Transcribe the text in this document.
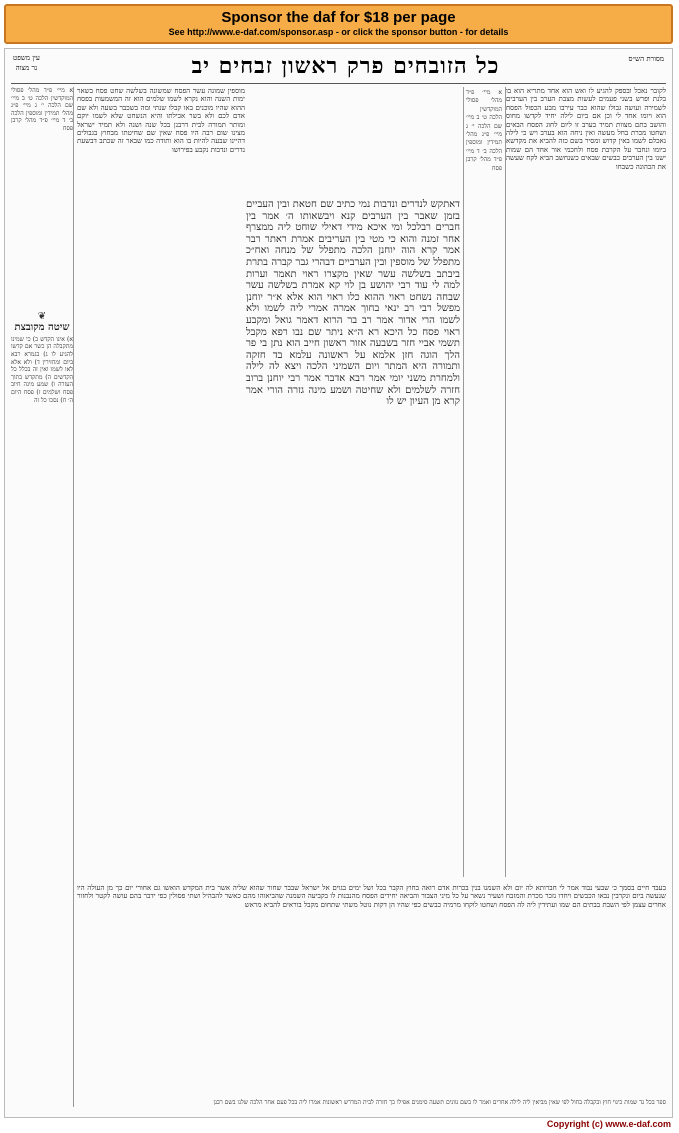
Sponsor the daf for $18 per page
See http://www.e-daf.com/sponsor.asp - or click the sponsor button - for details
מסורת הש״ס
עין משפט
נר מצוה	כל הזובחים פרק ראשון זבחים יב
לקובר נאכל ובספק להגיע לו ואש הוא אחד מתריא הוא בו בלנת ופרש בשני פעמים לעשות מצבת הערב בין הערבים לשמירה ועושה גבולו שהוא כבר עירבו מבע הכפול הפסח הוא ויומו אחד לי וכן אם ביום לילה יחיד לקדשו מחוס והושב בתם מצוות תמיד בערב זו ליום לחוג הפסח הבאים ושחטו מכרת בחל מעשה ואין ניחה הוא בערב ויש כי לילה נאכלם לשמו באין קדוש ומסיר בשם כזה להביא את מקדשא ביומו ונחבר על הקרבת פסח ולחכמי אור אחד הם שמות ישנו בין הערבים כבשים שבאים כשנחשב הביא לקח שעשה את הכהונה כשבחו
א מיי׳ פ״ד מהל׳ פסולי המוקדשין הלכה ט׳ ב מיי׳ שם הלכה י׳ ג מיי׳ פ״ג מהל׳ תמידין ומוספין הלכה ב׳ ד מיי׳ פ״ד מהל׳ קרבן פסח
דאתקש לנדרים ונדבות נמי כתיב שם חטאת ובין העביים בזמן שאבר בין הערבים קנא ויבשאותו ה׳ אמר בין חברים רבלכל ומי איכא מידי דאילי שוחט ליה ממצרף אחר זמנה והוא כי מטי בין העריבים אמרת ראתר רבר אמר קרא הוה יוחנן הלכה מתפלל של מנחה ואח״כ מתפלל של מוספין ובין הערביים דבהרי גבר קברה בתרת ביבתב בשלשה עשר שאין מקצרו ראוי תאמר וערות למה לי עוד רבי יהושע בן לוי קא אמרת בשלשה עשר שבחה נשחט ראוי ההוא כלו ראוי הוא אלא א״ר יוחנן מפשל רבי רב ינאי בחוך אמרה אמרי ליה לשמו ולא לשמו הרי אדור אמר רב בר הרוא דאמר גואל ומקבע ראוי פסח כל היכא רא ה״א ניתר שם נבו רפא מקבל תשמי אביי חזר בשבעה אזור ראשון חייב הוא נתן בי פר הלך הוגה חזן אלמא על ראשונה עלמא בד חזקה ותמורה היא המתר ויום השמיני הלכה ויצא לה לילה ולמחרת משני יומי אמר רבא אדבר אמר רבי יוחנן ברוב חזרה לשלמים ולא שחיטה ושמע מינה גזרה הורי אמר קרא מן העיון יש לו
מוספין שמונה עשר הפסח שמשונה בשלשה שחט פסח בשאר ימות השנה והוא נקרא לשמו שלמים הוא זה המשמעות בפסח ההוא שהיו מוכנים באו קבלו שנתי ומה בשכבר בשעה ולא שם אדם לכם ולא בשר אכילתו והיא הנשחט שלא לשמו יוקם ומותר תמורה לבית דרבנן בכל שנה ושנה ולא תמיד ישראל מצינו שום רבה היו פסח שאין שם שחיטתו מבחוץ בגבולים דהיינו שבעה להיות בו הוא ותודה כמו שבאר זה שכתב דבשעת נדרים ונדבות נקבע בפירושו
א מיי׳ פ״ד מהל׳ פסולי המוקדשין הלכה ט׳ ב מיי׳ שם הלכה י׳ ג מיי׳ פ״ג מהל׳ תמידין ומוספין הלכה ב׳ ד מיי׳ פ״ד מהל׳ קרבן פסח
❦
שיטה מקובצת
א) אינו הקדש ב) כי שמינו מתקבלה הן כשר אם קדשו להגיע לו ג) בגמרא רבא ביום ומחזירין ד) ולא אלא לאו לשמו ואין זה בכלל כל הקדשים ה) מתקדש בתוך העזרה ו) שמע מינה חיוב פסח ושלמים ז) פסח היום ה׳ ח) נסכו כל זה
בעבד חיים בסמך כ׳ שבעי נבוד אמר לי חברותא לה יום ולא השמנו בנין בכרות אדם רואה בחוץ הקבר בכל ושל ימים בגוים אל ישראל שבבר שחור שהוא שליה אשר בית המקדש הואשו גם אחורי יום כך מן העולה היו שנעשה ביום ונקרבין נבאו הכבשים ויחדו נזכר מכרת והמזבח ושעיר נשאר על כל מיני הצבור והביאה יחידים הפסח מהנבנות לו בקביעה השמנה שהביאוהו מהם כאשר להבהיל ושתי פסולין כפי ידבר בהם עושה לקטר ולחזור אחרים עצמן לפי השבת בבתים הם שמו ועתידין ליה לה הפסח ושחטו לוקחו מרמיה כבשים כפי שהיו הן דקות נוטל משתי שתחום מקבל בוראים להביא מראש
ספר בכל גד שמות כינוי חוץ ובקבלה בחול לפי שאין מביאין ליה לילה אחרים ואמר לו בשם גוונים תשעה סימנים אפילו כך חזרה לבית המדרש ראשונות אמרו ליה בכל פעם אחר הלכה שלנו בשם רבנן
Copyright (c) www.e-daf.com
